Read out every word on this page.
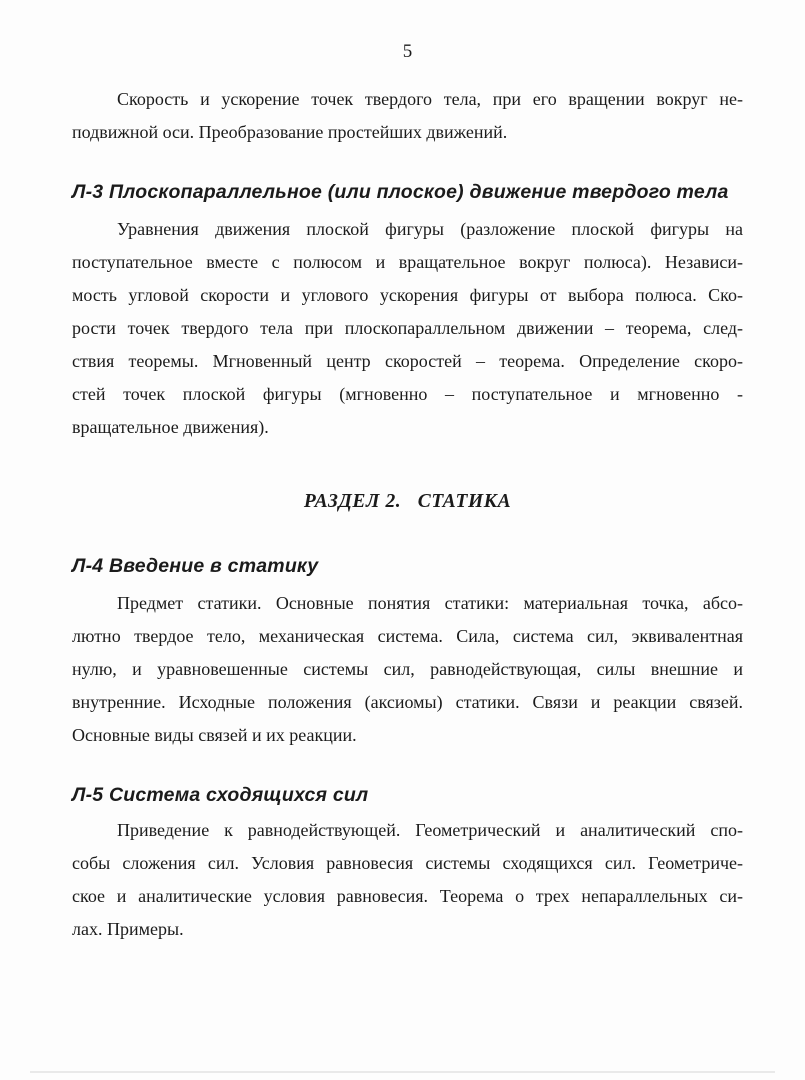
5
Скорость и ускорение точек твердого тела, при его вращении вокруг не-
подвижной оси. Преобразование простейших движений.
Л-3 Плоскопараллельное (или плоское) движение твердого тела
Уравнения движения плоской фигуры (разложение плоской фигуры на
поступательное вместе с полюсом и вращательное вокруг полюса). Независи-
мость угловой скорости и углового ускорения фигуры от выбора полюса. Ско-
рости точек твердого тела при плоскопараллельном движении – теорема, след-
ствия теоремы. Мгновенный центр скоростей – теорема. Определение скоро-
стей точек плоской фигуры (мгновенно – поступательное и мгновенно -
вращательное движения).
РАЗДЕЛ 2.   СТАТИКА
Л-4 Введение в статику
Предмет статики. Основные понятия статики: материальная точка, абсо-
лютно твердое тело, механическая система. Сила, система сил, эквивалентная
нулю, и уравновешенные системы сил, равнодействующая, силы внешние и
внутренние. Исходные положения (аксиомы) статики. Связи и реакции связей.
Основные виды связей и их реакции.
Л-5 Система сходящихся сил
Приведение к равнодействующей. Геометрический и аналитический спо-
собы сложения сил. Условия равновесия системы сходящихся сил. Геометриче-
ское и аналитические условия равновесия. Теорема о трех непараллельных си-
лах. Примеры.
